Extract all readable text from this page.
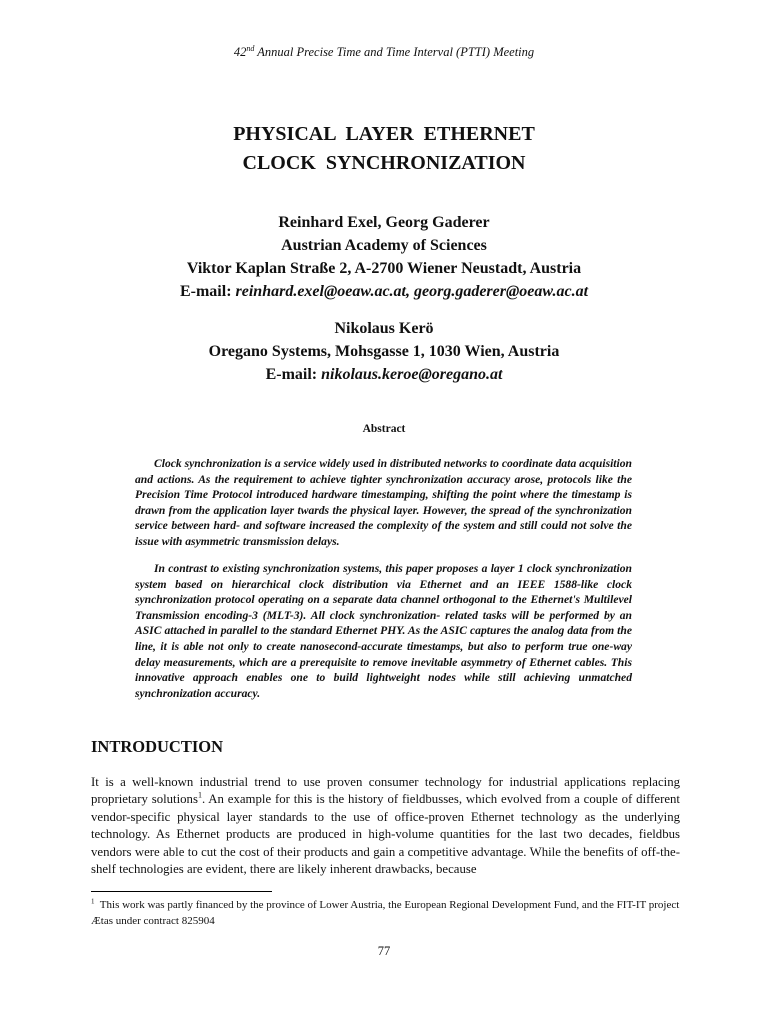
42nd Annual Precise Time and Time Interval (PTTI) Meeting
PHYSICAL  LAYER  ETHERNET
CLOCK  SYNCHRONIZATION
Reinhard Exel, Georg Gaderer
Austrian Academy of Sciences
Viktor Kaplan Straße 2, A-2700 Wiener Neustadt, Austria
E-mail: reinhard.exel@oeaw.ac.at, georg.gaderer@oeaw.ac.at
Nikolaus Kerö
Oregano Systems, Mohsgasse 1, 1030 Wien, Austria
E-mail: nikolaus.keroe@oregano.at
Abstract
Clock synchronization is a service widely used in distributed networks to coordinate data acquisition and actions. As the requirement to achieve tighter synchronization accuracy arose, protocols like the Precision Time Protocol introduced hardware timestamping, shifting the point where the timestamp is drawn from the application layer twards the physical layer. However, the spread of the synchronization service between hard- and software increased the complexity of the system and still could not solve the issue with asymmetric transmission delays.
In contrast to existing synchronization systems, this paper proposes a layer 1 clock synchronization system based on hierarchical clock distribution via Ethernet and an IEEE 1588-like clock synchronization protocol operating on a separate data channel orthogonal to the Ethernet's Multilevel Transmission encoding-3 (MLT-3). All clock synchronization- related tasks will be performed by an ASIC attached in parallel to the standard Ethernet PHY. As the ASIC captures the analog data from the line, it is able not only to create nanosecond-accurate timestamps, but also to perform true one-way delay measurements, which are a prerequisite to remove inevitable asymmetry of Ethernet cables. This innovative approach enables one to build lightweight nodes while still achieving unmatched synchronization accuracy.
INTRODUCTION
It is a well-known industrial trend to use proven consumer technology for industrial applications replacing proprietary solutions$^1$. An example for this is the history of fieldbusses, which evolved from a couple of different vendor-specific physical layer standards to the use of office-proven Ethernet technology as the underlying technology. As Ethernet products are produced in high-volume quantities for the last two decades, fieldbus vendors were able to cut the cost of their products and gain a competitive advantage. While the benefits of off-the-shelf technologies are evident, there are likely inherent drawbacks, because
$^1$  This work was partly financed by the province of Lower Austria, the European Regional Development Fund, and the FIT-IT project Ætas under contract 825904
77
